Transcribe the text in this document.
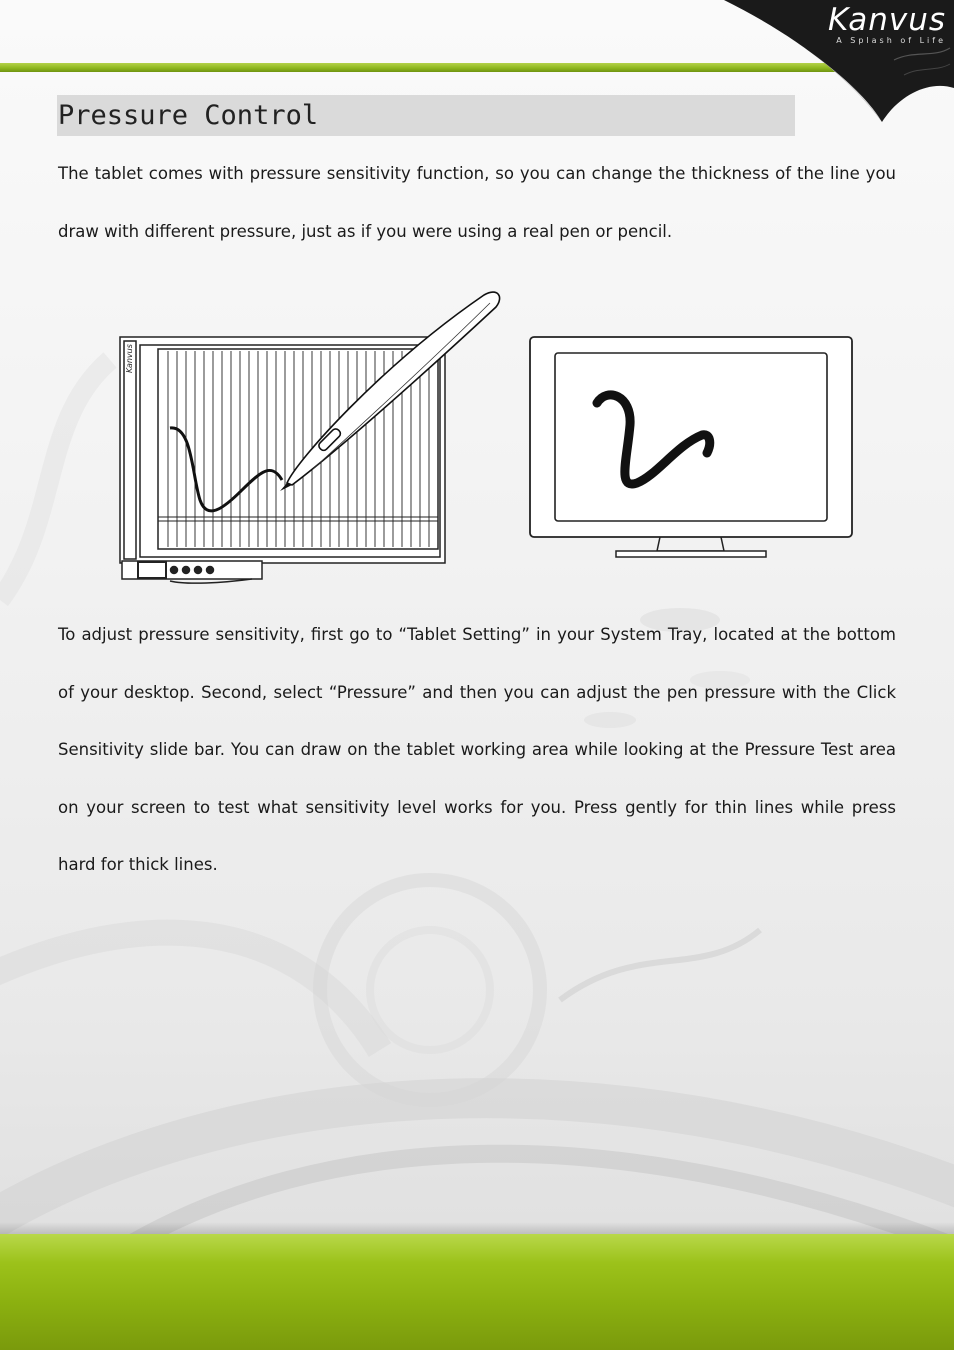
Kanvus
A Splash of Life
Pressure Control

The tablet comes with pressure sensitivity function, so you can change the thickness of the line you draw with different pressure, just as if you were using a real pen or pencil.

Kanvus

To adjust pressure sensitivity, first go to “Tablet Setting” in your System Tray, located at the bottom of your desktop. Second, select “Pressure” and then you can adjust the pen pressure with the Click Sensitivity slide bar. You can draw on the tablet working area while looking at the Pressure Test area on your screen to test what sensitivity level works for you. Press gently for thin lines while press hard for thick lines.
